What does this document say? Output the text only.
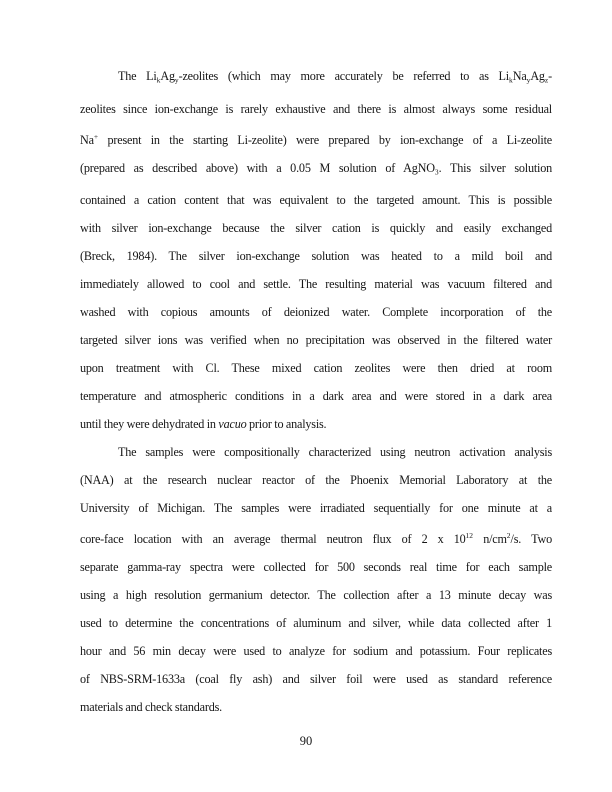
The $Li_kAg_y$-zeolites (which may more accurately be referred to as $Li_kNa_yAg_z-$
zeolites since ion-exchange is rarely exhaustive and there is almost always some residual
Na+ present in the starting Li-zeolite) were prepared by ion-exchange of a Li-zeolite
(prepared as described above) with a 0.05 M solution of AgNO$_3$. This silver solution
contained a cation content that was equivalent to the targeted amount. This is possible
with silver ion-exchange because the silver cation is quickly and easily exchanged
(Breck, 1984). The silver ion-exchange solution was heated to a mild boil and
immediately allowed to cool and settle. The resulting material was vacuum filtered and
washed with copious amounts of deionized water. Complete incorporation of the
targeted silver ions was verified when no precipitation was observed in the filtered water
upon treatment with Cl. These mixed cation zeolites were then dried at room
temperature and atmospheric conditions in a dark area and were stored in a dark area
until they were dehydrated in vacuo prior to analysis.
The samples were compositionally characterized using neutron activation analysis
(NAA) at the research nuclear reactor of the Phoenix Memorial Laboratory at the
University of Michigan. The samples were irradiated sequentially for one minute at a
core-face location with an average thermal neutron flux of 2 x $10^{12}$ $n/cm^2/s$. Two
separate gamma-ray spectra were collected for 500 seconds real time for each sample
using a high resolution germanium detector. The collection after a 13 minute decay was
used to determine the concentrations of aluminum and silver, while data collected after 1
hour and 56 min decay were used to analyze for sodium and potassium. Four replicates
of NBS-SRM-1633a (coal fly ash) and silver foil were used as standard reference
materials and check standards.
90
